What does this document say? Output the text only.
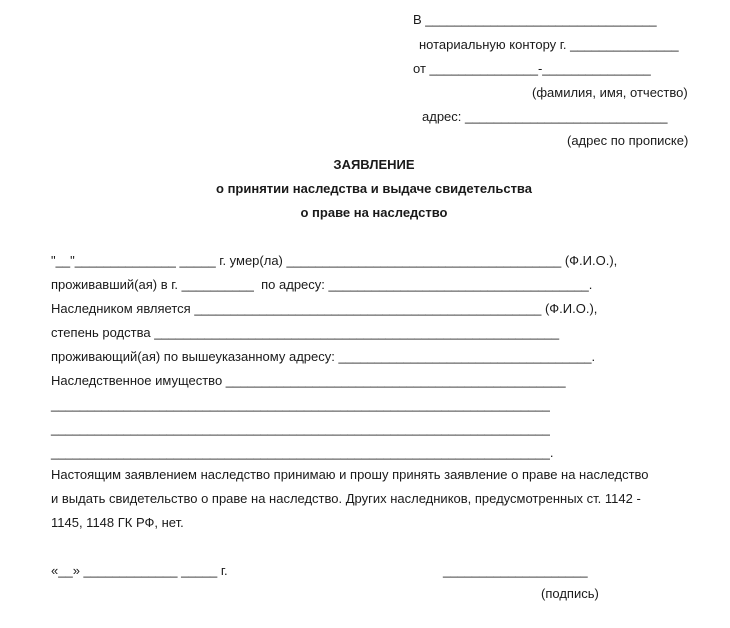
В ________________________________
нотариальную контору г. _______________
от _______________-_______________
(фамилия, имя, отчество)
адрес: ____________________________
(адрес по прописке)
ЗАЯВЛЕНИЕ
о принятии наследства и выдаче свидетельства
о праве на наследство
"__"______________ _____ г. умер(ла) ______________________________________ (Ф.И.О.),
проживавший(ая) в г. __________  по адресу: ____________________________________.
Наследником является ________________________________________________ (Ф.И.О.),
степень родства ________________________________________________________
проживающий(ая) по вышеуказанному адресу: ___________________________________.
Наследственное имущество _______________________________________________
_____________________________________________________________________
_____________________________________________________________________
_____________________________________________________________________.
Настоящим заявлением наследство принимаю и прошу принять заявление о праве на наследство
и выдать свидетельство о праве на наследство. Других наследников, предусмотренных ст. 1142 -
1145, 1148 ГК РФ, нет.
«__» _____________ _____ г.	____________________
(подпись)
